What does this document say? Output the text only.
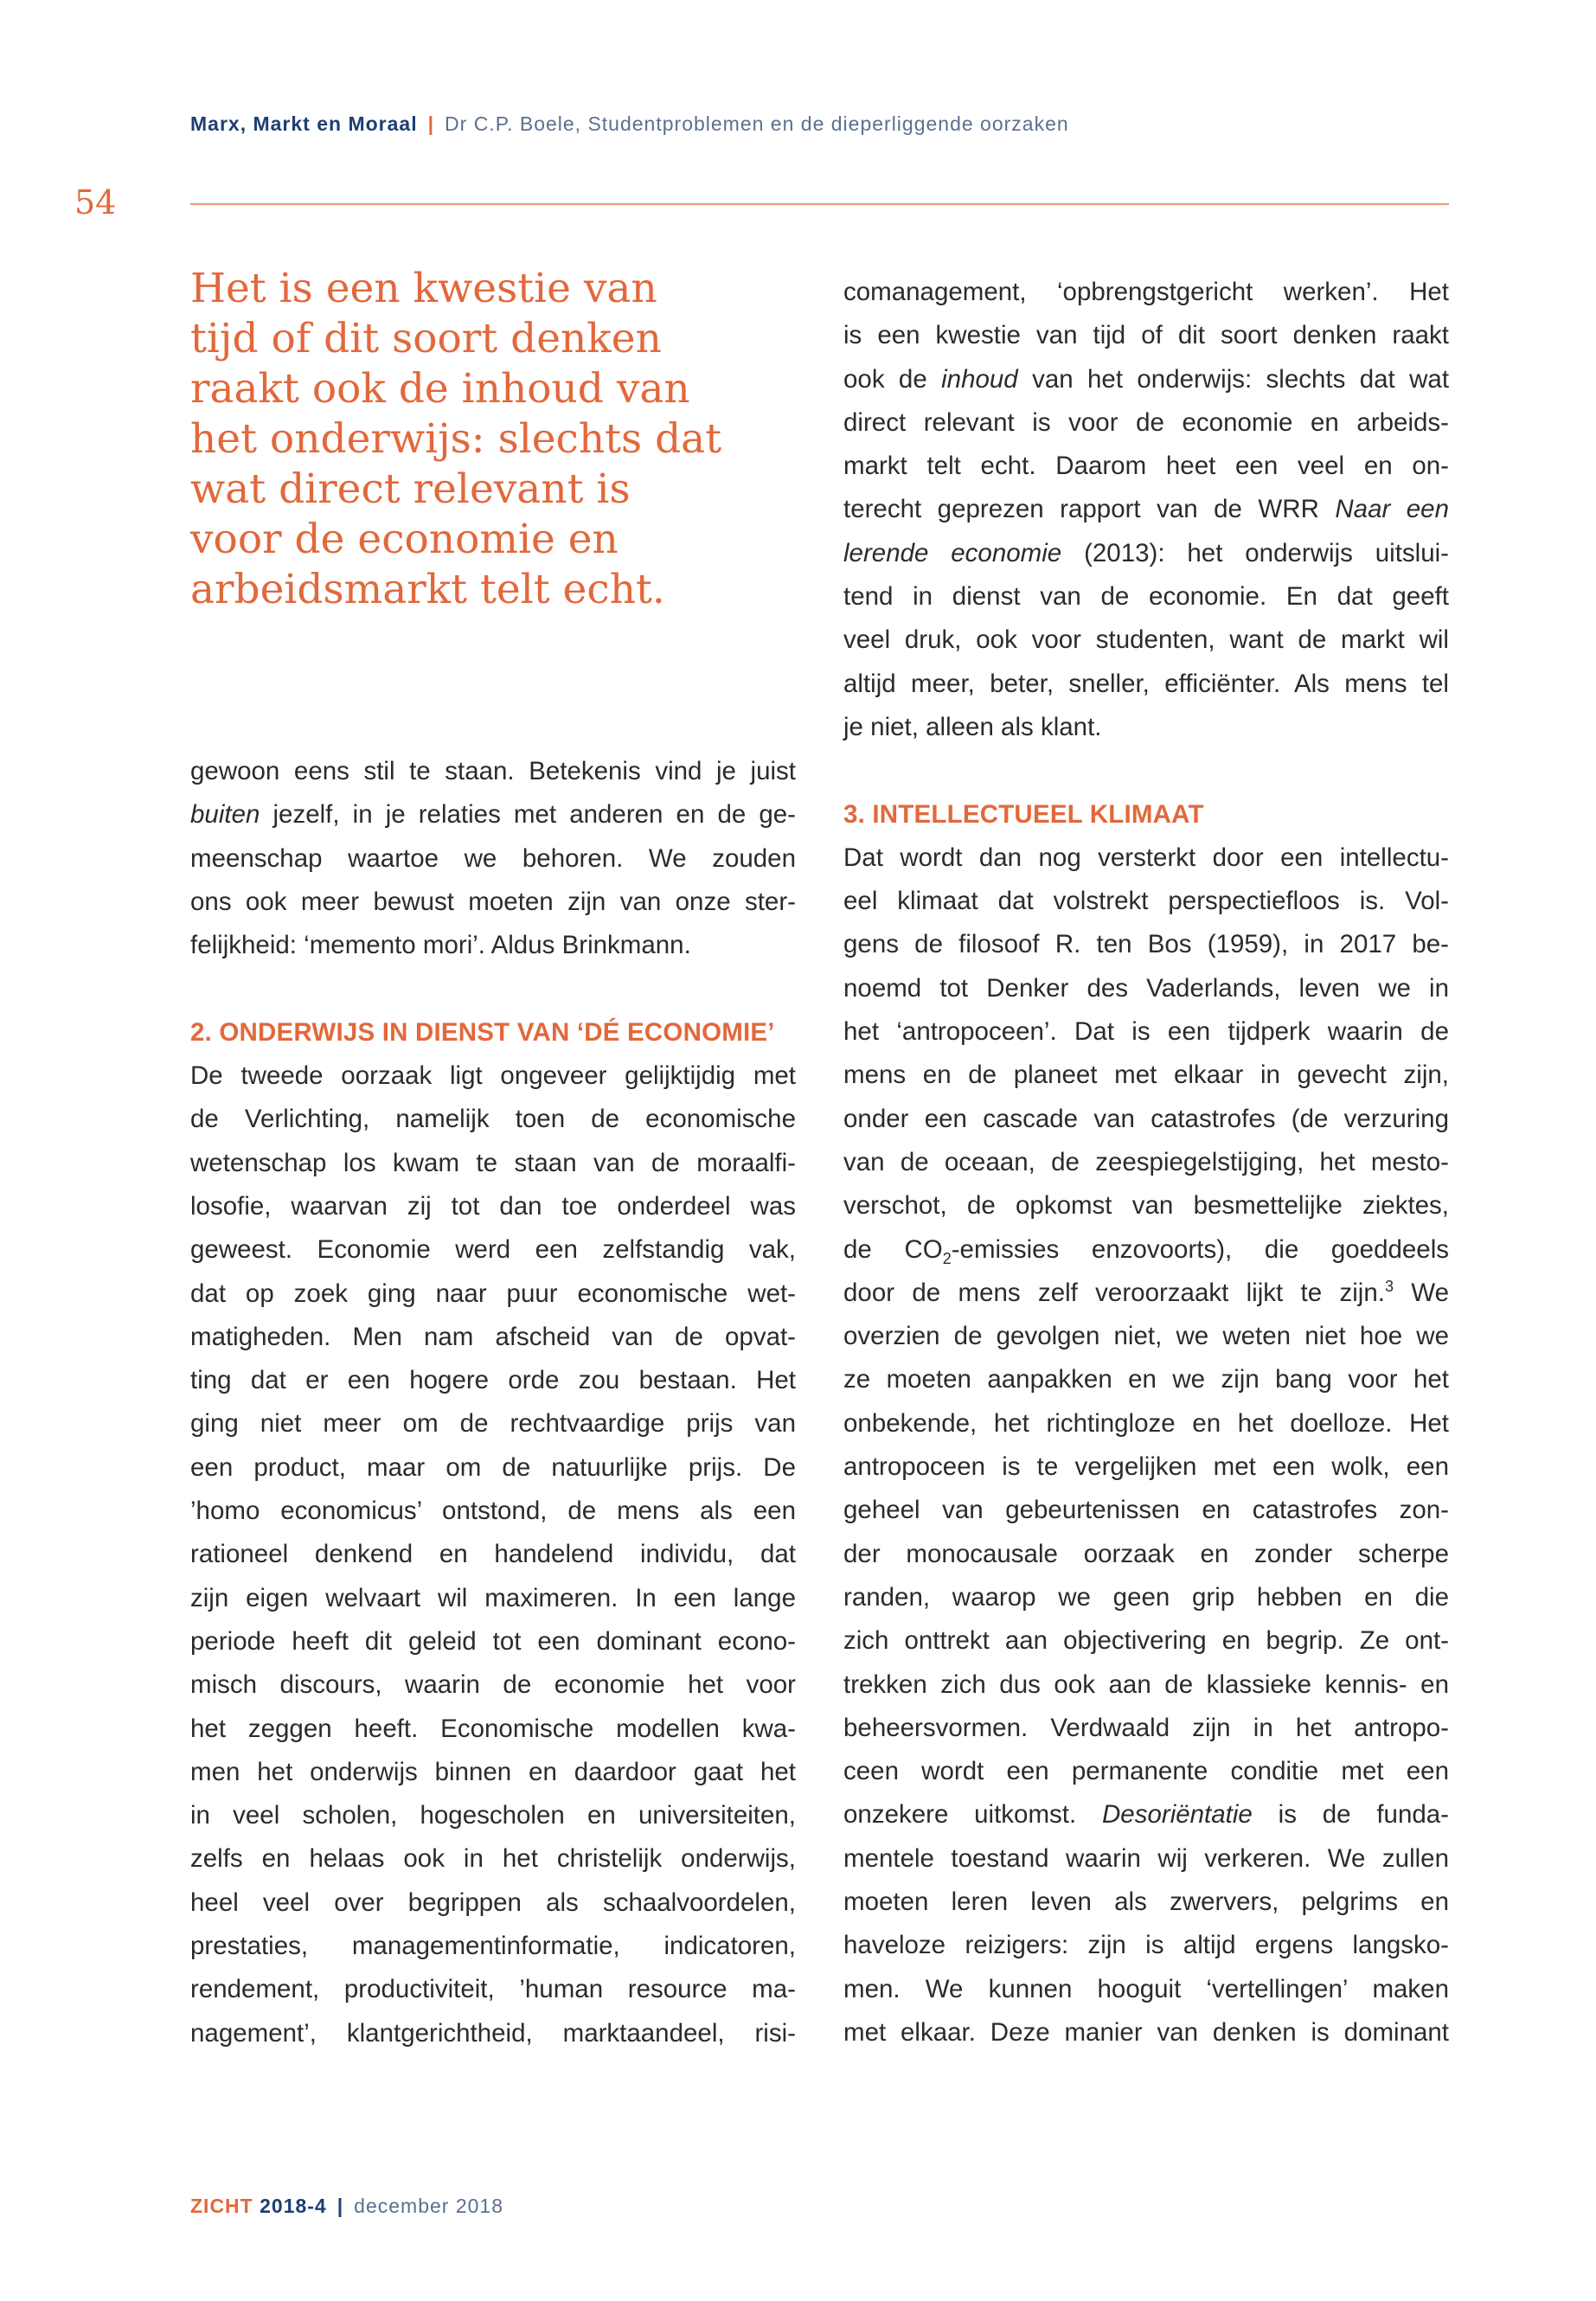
Marx, Markt en Moraal | Dr C.P. Boele, Studentproblemen en de dieperliggende oorzaken
54
Het is een kwestie van
tijd of dit soort denken
raakt ook de inhoud van
het onderwijs: slechts dat
wat direct relevant is
voor de economie en
arbeidsmarkt telt echt.
gewoon eens stil te staan. Betekenis vind je juist
buiten jezelf, in je relaties met anderen en de ge-
meenschap waartoe we behoren. We zouden
ons ook meer bewust moeten zijn van onze ster-
felijkheid: ‘memento mori’. Aldus Brinkmann.
2. ONDERWIJS IN DIENST VAN ‘DÉ ECONOMIE’
De tweede oorzaak ligt ongeveer gelijktijdig met
de Verlichting, namelijk toen de economische
wetenschap los kwam te staan van de moraalfi-
losofie, waarvan zij tot dan toe onderdeel was
geweest. Economie werd een zelfstandig vak,
dat op zoek ging naar puur economische wet-
matigheden. Men nam afscheid van de opvat-
ting dat er een hogere orde zou bestaan. Het
ging niet meer om de rechtvaardige prijs van
een product, maar om de natuurlijke prijs. De
’homo economicus’ ontstond, de mens als een
rationeel denkend en handelend individu, dat
zijn eigen welvaart wil maximeren. In een lange
periode heeft dit geleid tot een dominant econo-
misch discours, waarin de economie het voor
het zeggen heeft. Economische modellen kwa-
men het onderwijs binnen en daardoor gaat het
in veel scholen, hogescholen en universiteiten,
zelfs en helaas ook in het christelijk onderwijs,
heel veel over begrippen als schaalvoordelen,
prestaties, managementinformatie, indicatoren,
rendement, productiviteit, ’human resource ma-
nagement’, klantgerichtheid, marktaandeel, risi-
comanagement, ‘opbrengstgericht werken’. Het
is een kwestie van tijd of dit soort denken raakt
ook de inhoud van het onderwijs: slechts dat wat
direct relevant is voor de economie en arbeids-
markt telt echt. Daarom heet een veel en on-
terecht geprezen rapport van de WRR Naar een
lerende economie (2013): het onderwijs uitslui-
tend in dienst van de economie. En dat geeft
veel druk, ook voor studenten, want de markt wil
altijd meer, beter, sneller, efficiënter. Als mens tel
je niet, alleen als klant.
3. INTELLECTUEEL KLIMAAT
Dat wordt dan nog versterkt door een intellectu-
eel klimaat dat volstrekt perspectiefloos is. Vol-
gens de filosoof R. ten Bos (1959), in 2017 be-
noemd tot Denker des Vaderlands, leven we in
het ‘antropoceen’. Dat is een tijdperk waarin de
mens en de planeet met elkaar in gevecht zijn,
onder een cascade van catastrofes (de verzuring
van de oceaan, de zeespiegelstijging, het mesto-
verschot, de opkomst van besmettelijke ziektes,
de $CO_2$-emissies enzovoorts), die goeddeels
door de mens zelf veroorzaakt lijkt te zijn.$^3$ We
overzien de gevolgen niet, we weten niet hoe we
ze moeten aanpakken en we zijn bang voor het
onbekende, het richtingloze en het doelloze. Het
antropoceen is te vergelijken met een wolk, een
geheel van gebeurtenissen en catastrofes zon-
der monocausale oorzaak en zonder scherpe
randen, waarop we geen grip hebben en die
zich onttrekt aan objectivering en begrip. Ze ont-
trekken zich dus ook aan de klassieke kennis- en
beheersvormen. Verdwaald zijn in het antropo-
ceen wordt een permanente conditie met een
onzekere uitkomst. Desoriëntatie is de funda-
mentele toestand waarin wij verkeren. We zullen
moeten leren leven als zwervers, pelgrims en
haveloze reizigers: zijn is altijd ergens langsko-
men. We kunnen hooguit ‘vertellingen’ maken
met elkaar. Deze manier van denken is dominant
ZICHT 2018-4 | december 2018
